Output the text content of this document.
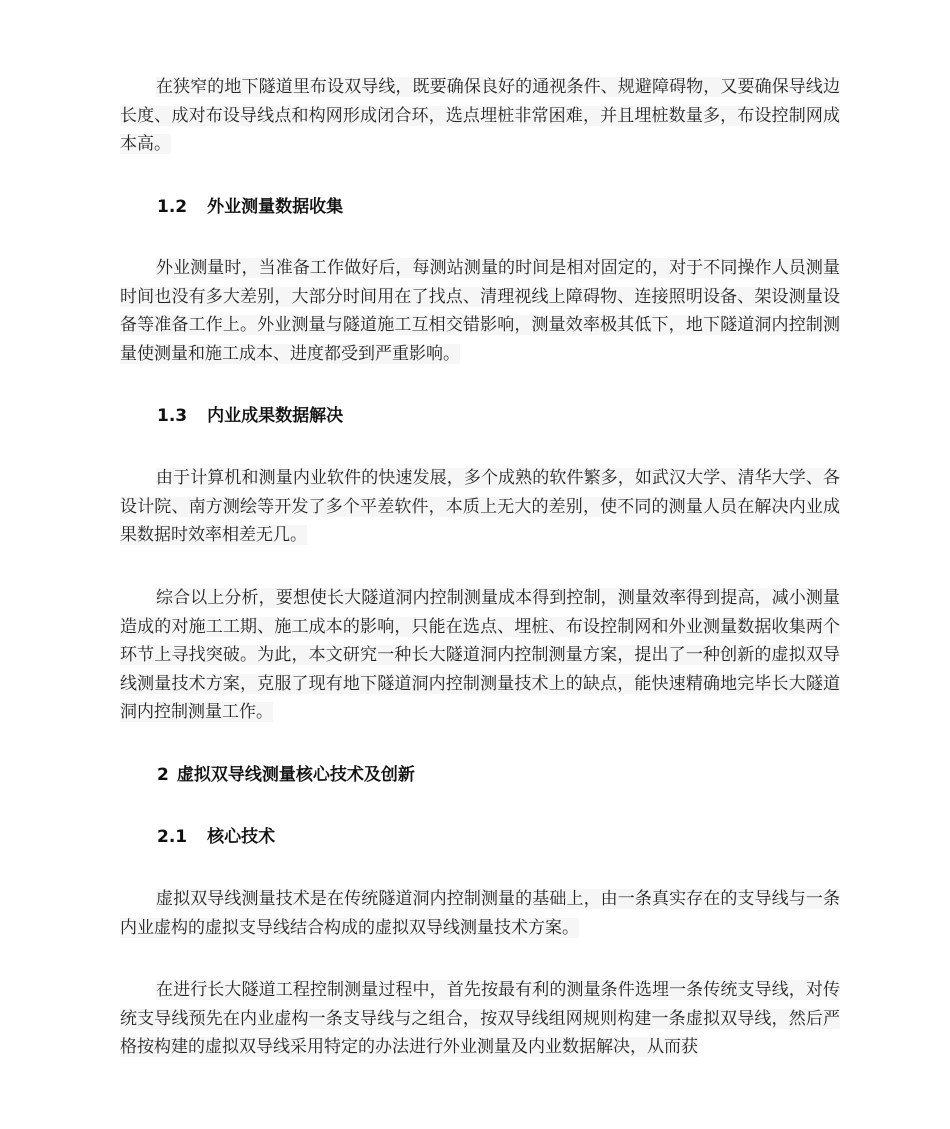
在狭窄的地下隧道里布设双导线，既要确保良好的通视条件、规避障碍物，又要确保导线边长度、成对布设导线点和构网形成闭合环，选点埋桩非常困难，并且埋桩数量多，布设控制网成本高。

1.2 外业测量数据收集

外业测量时，当准备工作做好后，每测站测量的时间是相对固定的，对于不同操作人员测量时间也没有多大差别，大部分时间用在了找点、清理视线上障碍物、连接照明设备、架设测量设备等准备工作上。外业测量与隧道施工互相交错影响，测量效率极其低下，地下隧道洞内控制测量使测量和施工成本、进度都受到严重影响。

1.3 内业成果数据解决

由于计算机和测量内业软件的快速发展，多个成熟的软件繁多，如武汉大学、清华大学、各设计院、南方测绘等开发了多个平差软件，本质上无大的差别，使不同的测量人员在解决内业成果数据时效率相差无几。

综合以上分析，要想使长大隧道洞内控制测量成本得到控制，测量效率得到提高，减小测量造成的对施工工期、施工成本的影响，只能在选点、埋桩、布设控制网和外业测量数据收集两个环节上寻找突破。为此，本文研究一种长大隧道洞内控制测量方案，提出了一种创新的虚拟双导线测量技术方案，克服了现有地下隧道洞内控制测量技术上的缺点，能快速精确地完毕长大隧道洞内控制测量工作。

2 虚拟双导线测量核心技术及创新

2.1 核心技术

虚拟双导线测量技术是在传统隧道洞内控制测量的基础上，由一条真实存在的支导线与一条内业虚构的虚拟支导线结合构成的虚拟双导线测量技术方案。

在进行长大隧道工程控制测量过程中，首先按最有利的测量条件选埋一条传统支导线，对传统支导线预先在内业虚构一条支导线与之组合，按双导线组网规则构建一条虚拟双导线，然后严格按构建的虚拟双导线采用特定的办法进行外业测量及内业数据解决，从而获
